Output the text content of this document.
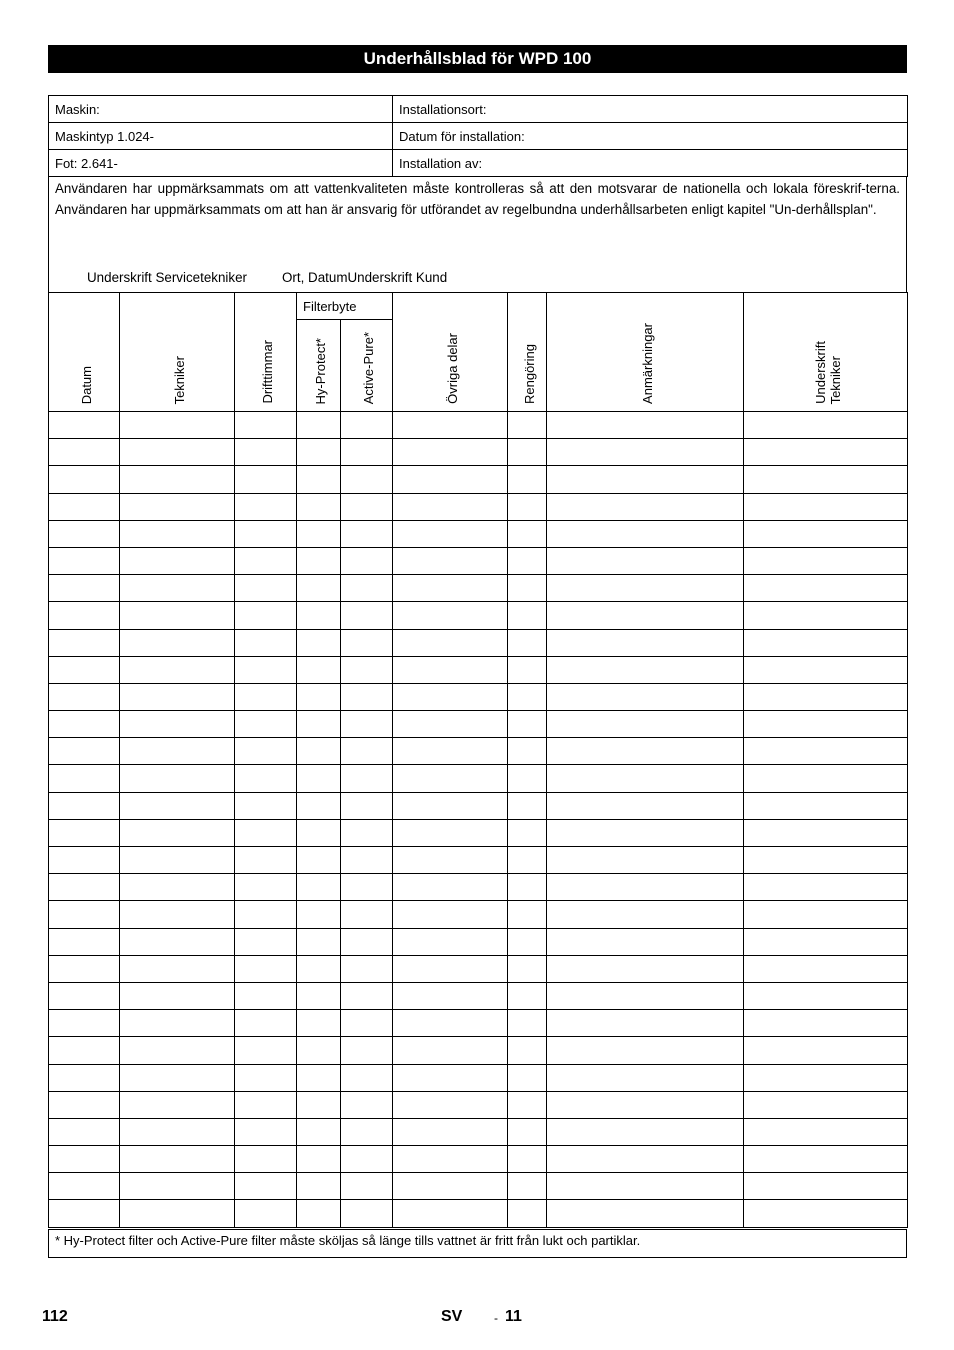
Underhållsblad för WPD 100
Maskin:	Installationsort:
Maskintyp 1.024-	Datum för installation:
Fot: 2.641-	Installation av:
Användaren har uppmärksammats om att vattenkvaliteten måste kontrolleras så att den motsvarar de nationella och lokala föreskrif-terna. Användaren har uppmärksammats om att han är ansvarig för utförandet av regelbundna underhållsarbeten enligt kapitel "Un-derhållsplan".
Underskrift Servicetekniker	Ort, DatumUnderskrift Kund
Datum	Tekniker	Drifttimmar	Filterbyte		Övriga delar	Rengöring	Anmärkningar	UnderskriftTekniker
			Hy-Protect*	Active-Pure*				

* Hy-Protect filter och Active-Pure filter måste sköljas så länge tills vattnet är fritt från lukt och partiklar.
112	SV	- 11
